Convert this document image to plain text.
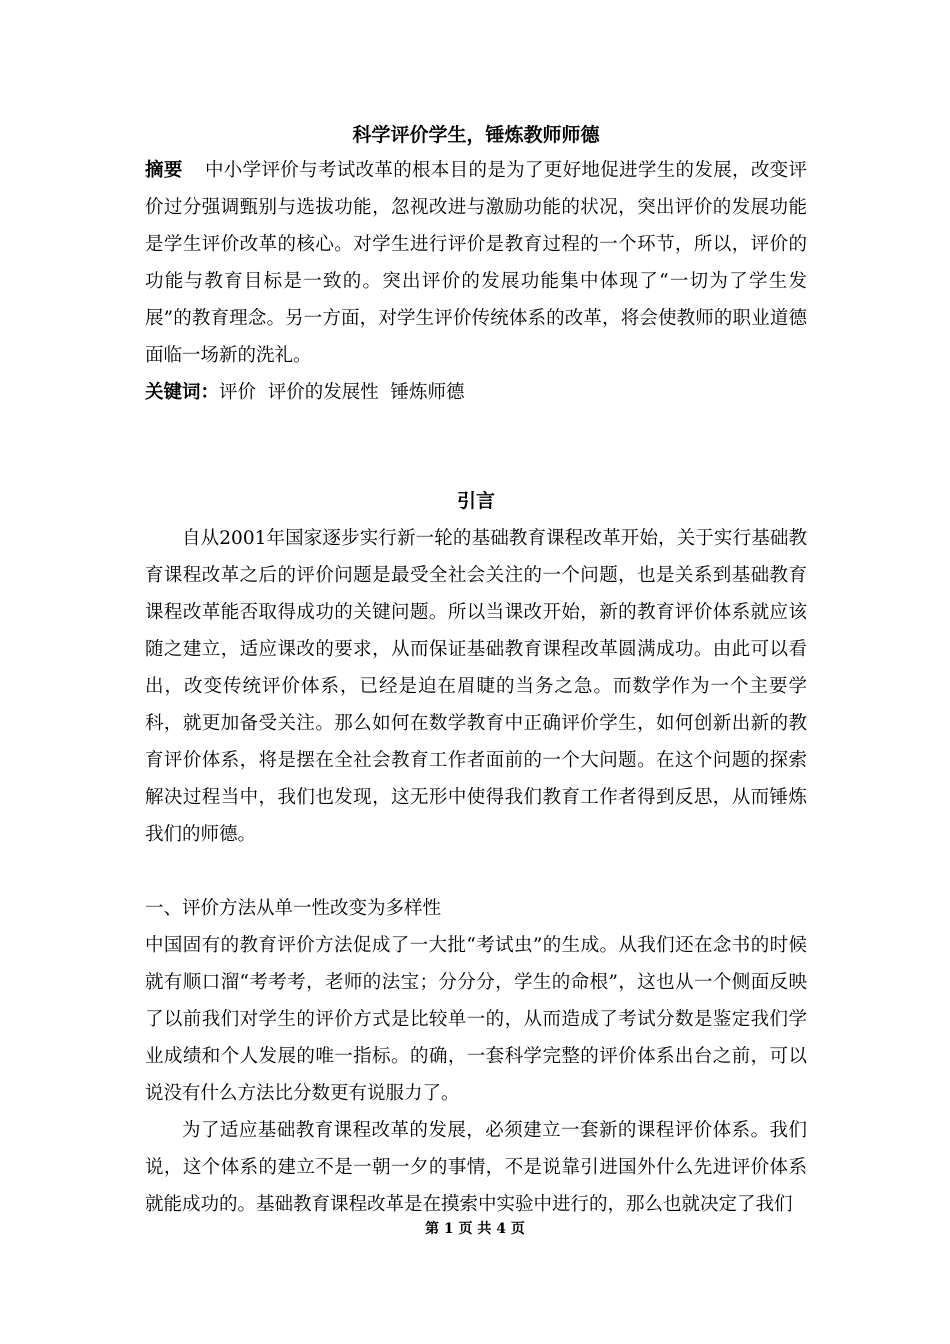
科学评价学生，锤炼教师师德

摘要 中小学评价与考试改革的根本目的是为了更好地促进学生的发展，改变评价过分强调甄别与选拔功能，忽视改进与激励功能的状况，突出评价的发展功能是学生评价改革的核心。对学生进行评价是教育过程的一个环节，所以，评价的功能与教育目标是一致的。突出评价的发展功能集中体现了“一切为了学生发展”的教育理念。另一方面，对学生评价传统体系的改革，将会使教师的职业道德面临一场新的洗礼。

关键词：评价  评价的发展性  锤炼师德

引言

自从2001年国家逐步实行新一轮的基础教育课程改革开始，关于实行基础教育课程改革之后的评价问题是最受全社会关注的一个问题，也是关系到基础教育课程改革能否取得成功的关键问题。所以当课改开始，新的教育评价体系就应该随之建立，适应课改的要求，从而保证基础教育课程改革圆满成功。由此可以看出，改变传统评价体系，已经是迫在眉睫的当务之急。而数学作为一个主要学科，就更加备受关注。那么如何在数学教育中正确评价学生，如何创新出新的教育评价体系，将是摆在全社会教育工作者面前的一个大问题。在这个问题的探索解决过程当中，我们也发现，这无形中使得我们教育工作者得到反思，从而锤炼我们的师德。

一、评价方法从单一性改变为多样性

中国固有的教育评价方法促成了一大批“考试虫”的生成。从我们还在念书的时候就有顺口溜“考考考，老师的法宝；分分分，学生的命根”，这也从一个侧面反映了以前我们对学生的评价方式是比较单一的，从而造成了考试分数是鉴定我们学业成绩和个人发展的唯一指标。的确，一套科学完整的评价体系出台之前，可以说没有什么方法比分数更有说服力了。

为了适应基础教育课程改革的发展，必须建立一套新的课程评价体系。我们说，这个体系的建立不是一朝一夕的事情，不是说靠引进国外什么先进评价体系就能成功的。基础教育课程改革是在摸索中实验中进行的，那么也就决定了我们

第 1 页 共 4 页
